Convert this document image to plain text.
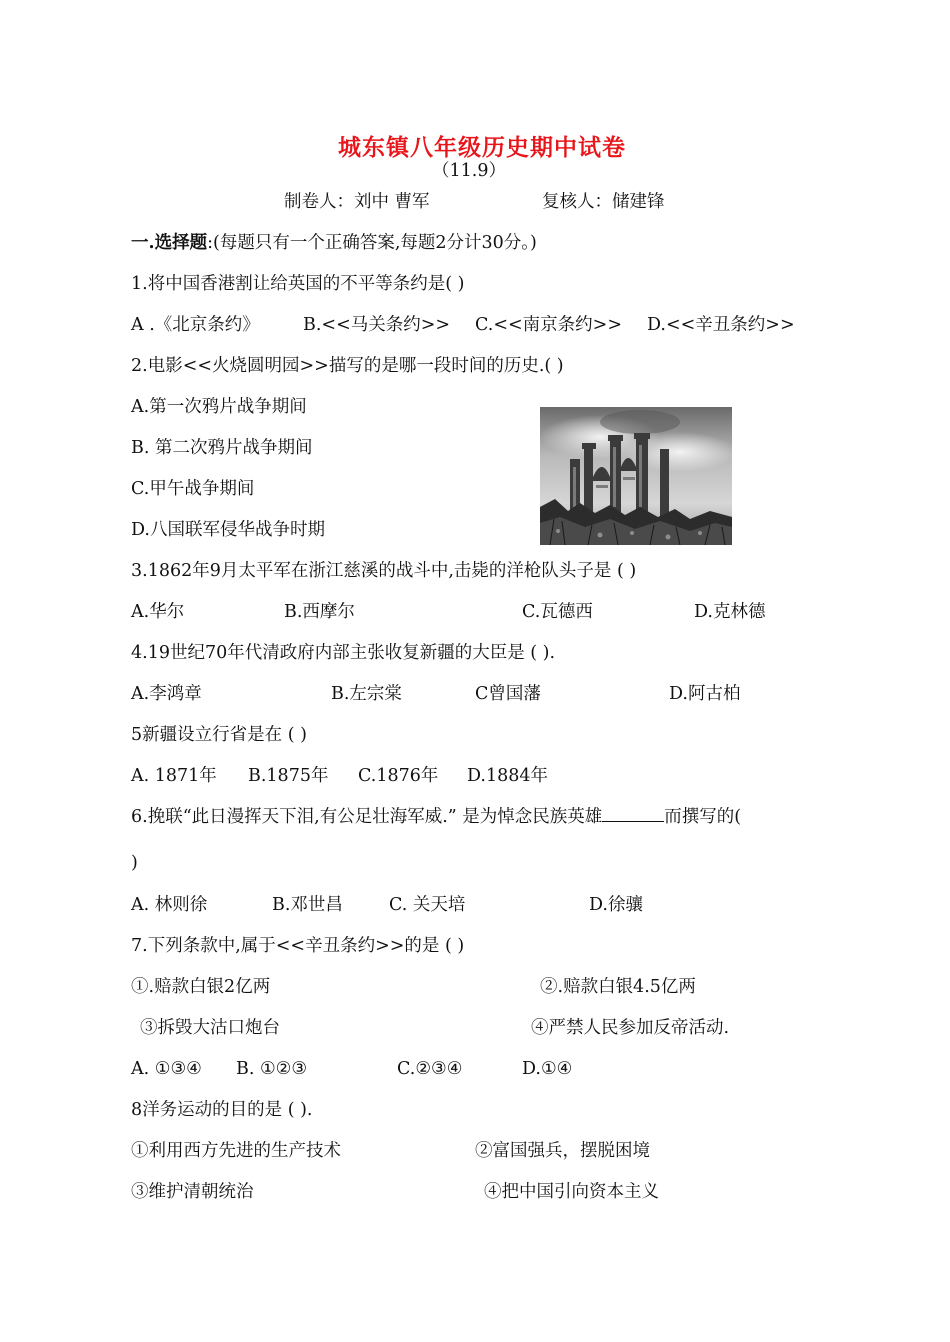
城东镇八年级历史期中试卷
（11.9）
制卷人：刘中 曹军	复核人：储建锋
一.选择题:(每题只有一个正确答案,每题2分计30分。)
1.将中国香港割让给英国的不平等条约是( )
A .《北京条约》 B.<<马关条约>> C.<<南京条约>> D.<<辛丑条约>>
2.电影<<火烧圆明园>>描写的是哪一段时间的历史.( )
A.第一次鸦片战争期间
B. 第二次鸦片战争期间
C.甲午战争期间
D.八国联军侵华战争时期
3.1862年9月太平军在浙江慈溪的战斗中,击毙的洋枪队头子是 ( )
A.华尔	B.西摩尔	C.瓦德西	D.克林德
4.19世纪70年代清政府内部主张收复新疆的大臣是 ( ).
A.李鸿章	B.左宗棠	C曾国藩	D.阿古柏
5新疆设立行省是在 ( )
A. 1871年 B.1875年 C.1876年 D.1884年
6.挽联“此日漫挥天下泪,有公足壮海军威.” 是为悼念民族英雄	而撰写的(
)
A. 林则徐	B.邓世昌	C. 关天培	D.徐骧
7.下列条款中,属于<<辛丑条约>>的是 ( )
①.赔款白银2亿两	②.赔款白银4.5亿两
③拆毁大沽口炮台	④严禁人民参加反帝活动.
A. ①③④ B. ①②③	C.②③④	D.①④
8洋务运动的目的是 ( ).
①利用西方先进的生产技术	②富国强兵，摆脱困境
③维护清朝统治	④把中国引向资本主义
